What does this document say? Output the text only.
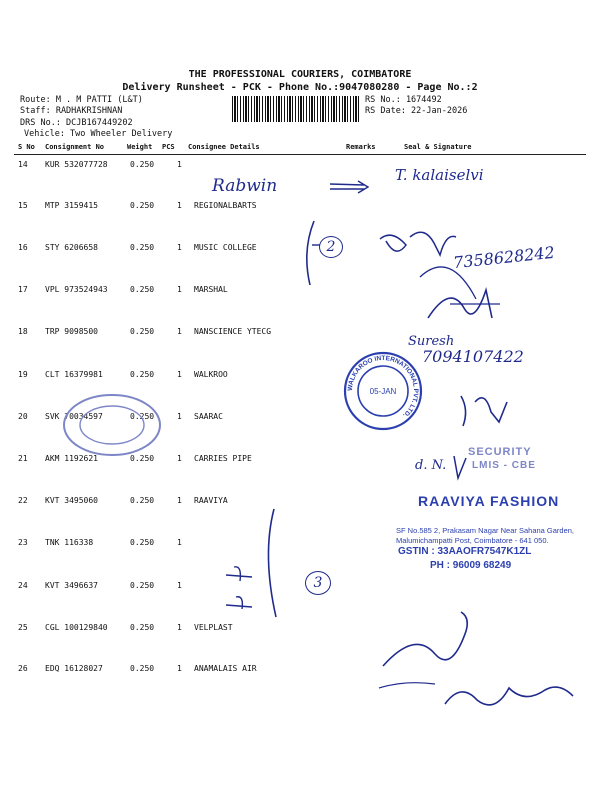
THE PROFESSIONAL COURIERS, COIMBATORE
Delivery Runsheet - PCK - Phone No.:9047080280 - Page No.:2
Route: M . M PATTI (L&T)
Staff: RADHAKRISHNAN
DRS No.: DCJB167449202
Vehicle: Two Wheeler Delivery
RS No.: 1674492
RS Date: 22-Jan-2026
S No Consignment No	Weight PCS Consignee Details	Remarks	Seal & Signature
14 KUR 532077728	0.250	1
15 MTP 3159415	0.250	1 REGIONALBARTS
16 STY 6206658	0.250	1 MUSIC COLLEGE
17 VPL 973524943	0.250	1 MARSHAL
18 TRP 9098500	0.250	1 NANSCIENCE YTECG
19 CLT 16379981	0.250	1 WALKROO
20 SVK 70034597	0.250	1 SAARAC
21 AKM 1192621	0.250	1 CARRIES PIPE
22 KVT 3495060	0.250	1 RAAVIYA
23 TNK 116338	0.250	1
24 KVT 3496637	0.250	1
25 CGL 100129840	0.250	1 VELPLAST
26 EDQ 16128027	0.250	1 ANAMALAIS AIR
Rabwin
T. kalaiselvi
2	7358628242
Suresh
7094107422
d. N.
3
WALKAROO INTERNATIONAL PVT. LTD.
05-JAN
SECURITY
LMIS - CBE
RAAVIYA FASHION
SF No.585 2, Prakasam Nagar Near Sahana Garden,
Malumichampatti Post, Coimbatore - 641 050.
GSTIN : 33AAOFR7547K1ZL
PH : 96009 68249
